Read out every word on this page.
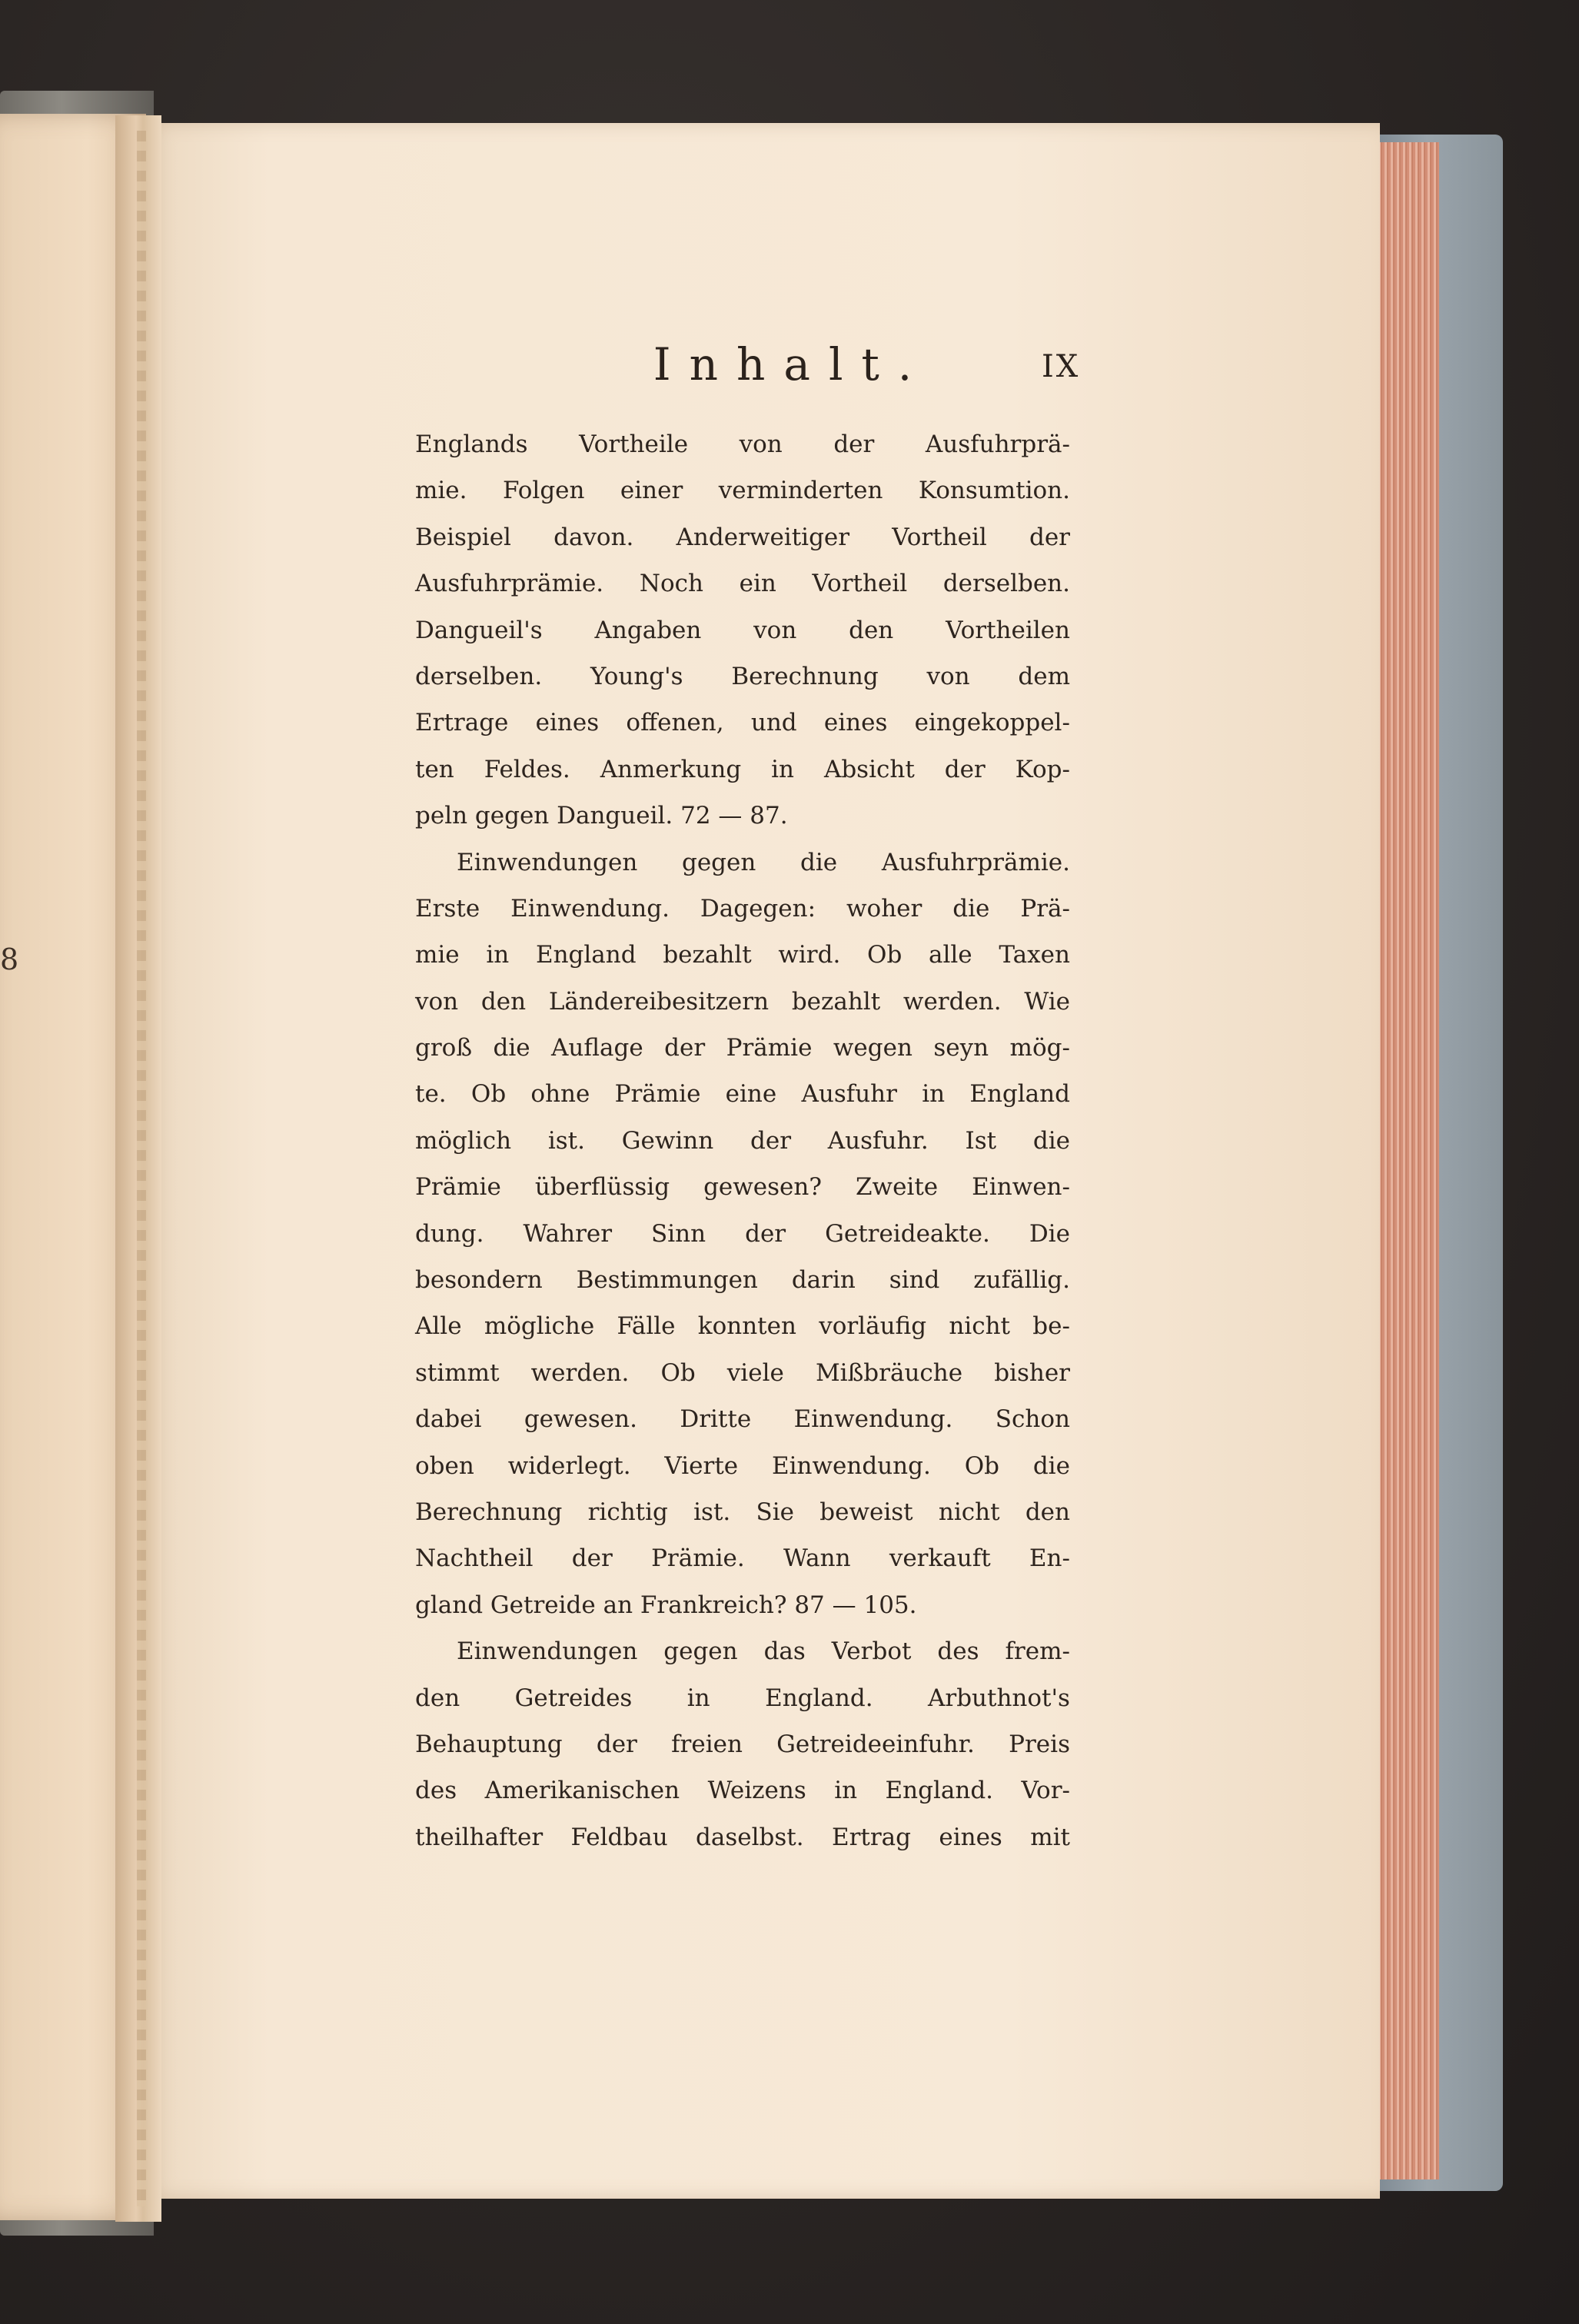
8
Inhalt.	IX
Englands Vortheile von der Ausfuhrprä-
mie. Folgen einer verminderten Konsumtion.
Beispiel davon. Anderweitiger Vortheil der
Ausfuhrprämie. Noch ein Vortheil derselben.
Dangueil's Angaben von den Vortheilen
derselben. Young's Berechnung von dem
Ertrage eines offenen, und eines eingekoppel-
ten Feldes. Anmerkung in Absicht der Kop-
peln gegen Dangueil. 72 — 87.
Einwendungen gegen die Ausfuhrprämie.
Erste Einwendung. Dagegen: woher die Prä-
mie in England bezahlt wird. Ob alle Taxen
von den Ländereibesitzern bezahlt werden. Wie
groß die Auflage der Prämie wegen seyn mög-
te. Ob ohne Prämie eine Ausfuhr in England
möglich ist. Gewinn der Ausfuhr. Ist die
Prämie überflüssig gewesen? Zweite Einwen-
dung. Wahrer Sinn der Getreideakte. Die
besondern Bestimmungen darin sind zufällig.
Alle mögliche Fälle konnten vorläufig nicht be-
stimmt werden. Ob viele Mißbräuche bisher
dabei gewesen. Dritte Einwendung. Schon
oben widerlegt. Vierte Einwendung. Ob die
Berechnung richtig ist. Sie beweist nicht den
Nachtheil der Prämie. Wann verkauft En-
gland Getreide an Frankreich? 87 — 105.
Einwendungen gegen das Verbot des frem-
den Getreides in England. Arbuthnot's
Behauptung der freien Getreideeinfuhr. Preis
des Amerikanischen Weizens in England. Vor-
theilhafter Feldbau daselbst. Ertrag eines mit
